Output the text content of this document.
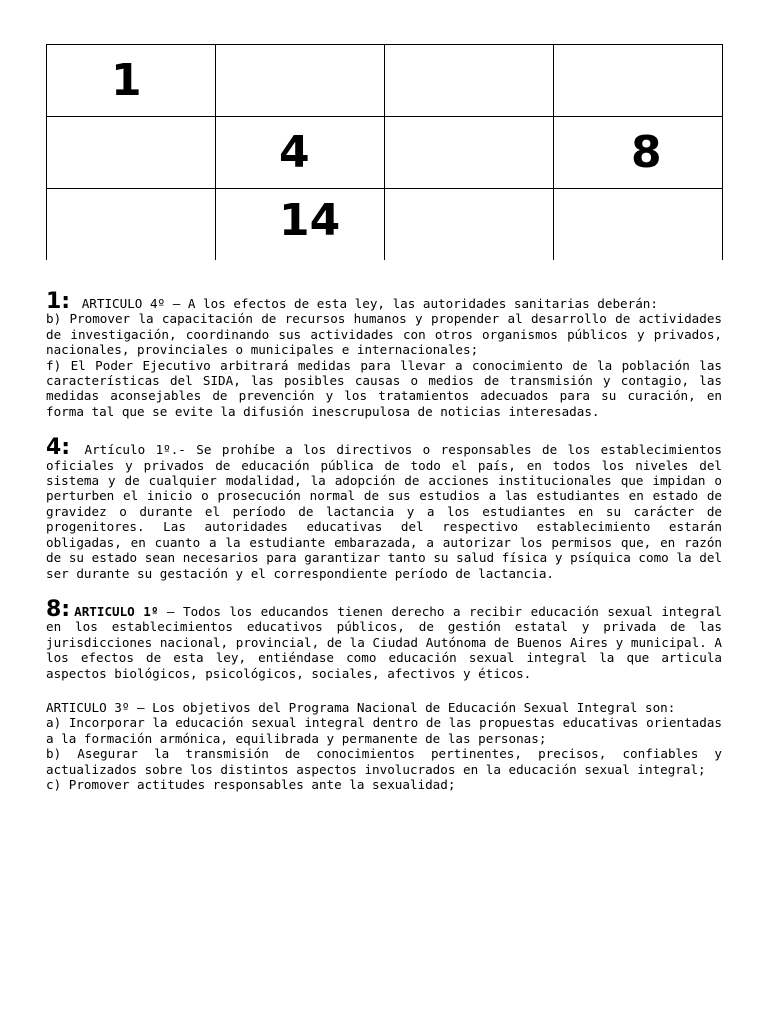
1			
	4		8
	14		

1: ARTICULO 4º — A los efectos de esta ley, las autoridades sanitarias deberán:

b) Promover la capacitación de recursos humanos y propender al desarrollo de actividades de investigación, coordinando sus actividades con otros organismos públicos y privados, nacionales, provinciales o municipales e internacionales;

f) El Poder Ejecutivo arbitrará medidas para llevar a conocimiento de la población las características del SIDA, las posibles causas o medios de transmisión y contagio, las medidas aconsejables de prevención y los tratamientos adecuados para su curación, en forma tal que se evite la difusión inescrupulosa de noticias interesadas.

4: Artículo 1º.- Se prohíbe a los directivos o responsables de los establecimientos oficiales y privados de educación pública de todo el país, en todos los niveles del sistema y de cualquier modalidad, la adopción de acciones institucionales que impidan o perturben el inicio o prosecución normal de sus estudios a las estudiantes en estado de gravidez o durante el período de lactancia y a los estudiantes en su carácter de progenitores. Las autoridades educativas del respectivo establecimiento estarán obligadas, en cuanto a la estudiante embarazada, a autorizar los permisos que, en razón de su estado sean necesarios para garantizar tanto su salud física y psíquica como la del ser durante su gestación y el correspondiente período de lactancia.

8: ARTICULO 1º — Todos los educandos tienen derecho a recibir educación sexual integral en los establecimientos educativos públicos, de gestión estatal y privada de las jurisdicciones nacional, provincial, de la Ciudad Autónoma de Buenos Aires y municipal. A los efectos de esta ley, entiéndase como educación sexual integral la que articula aspectos biológicos, psicológicos, sociales, afectivos y éticos.

ARTICULO 3º — Los objetivos del Programa Nacional de Educación Sexual Integral son:

a) Incorporar la educación sexual integral dentro de las propuestas educativas orientadas a la formación armónica, equilibrada y permanente de las personas;

b) Asegurar la transmisión de conocimientos pertinentes, precisos, confiables y actualizados sobre los distintos aspectos involucrados en la educación sexual integral;

c) Promover actitudes responsables ante la sexualidad;
